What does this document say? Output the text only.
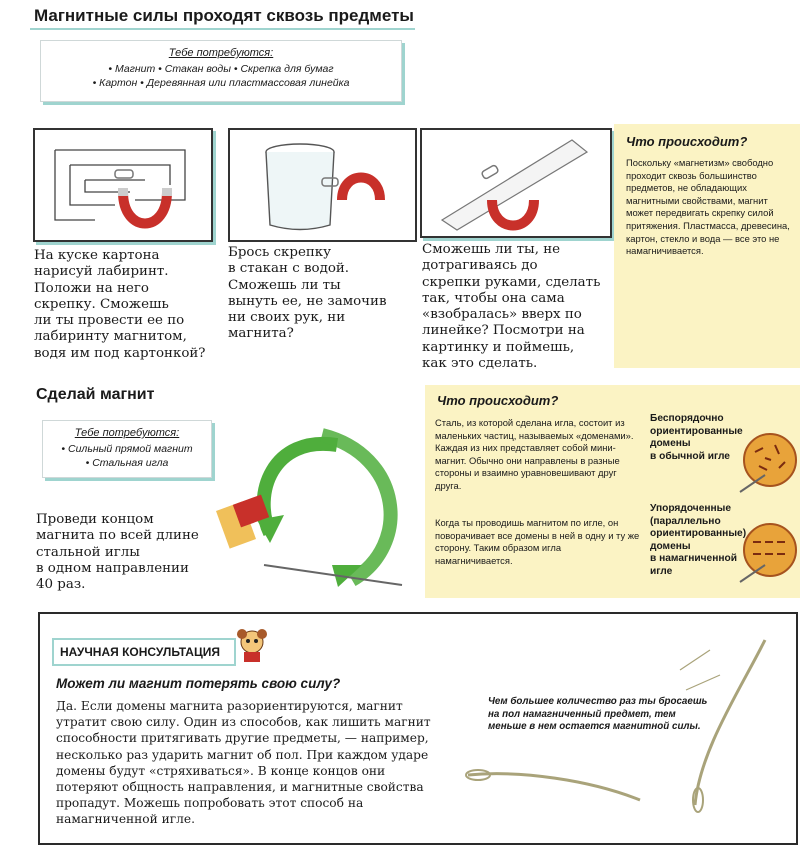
Магнитные силы проходят сквозь предметы
Тебе потребуются:
• Магнит • Стакан воды • Скрепка для бумаг
• Картон • Деревянная или пластмассовая линейка
Что происходит?

Поскольку «магнетизм» свободно проходит сквозь большинство предметов, не обладающих магнитными свойствами, магнит может передвигать скрепку силой притяжения. Пластмасса, древесина, картон, стекло и вода — все это не намагничивается.

На куске картона
нарисуй лабиринт.
Положи на него
скрепку. Сможешь
ли ты провести ее по
лабиринту магнитом,
водя им под картонкой?
Брось скрепку
в стакан с водой.
Сможешь ли ты
вынуть ее, не замочив
ни своих рук, ни
магнита?
Сможешь ли ты, не
дотрагиваясь до
скрепки руками, сделать
так, чтобы она сама
«взобралась» вверх по
линейке? Посмотри на
картинку и поймешь,
как это сделать.
Сделай магнит
Тебе потребуются:
• Сильный прямой магнит
• Стальная игла
Проведи концом
магнита по всей длине
стальной иглы
в одном направлении
40 раз.
Что происходит?

Сталь, из которой сделана игла, состоит из маленьких частиц, называемых «доменами». Каждая из них представляет собой мини-магнит. Обычно они направлены в разные стороны и взаимно уравновешивают друг друга.

Когда ты проводишь магнитом по игле, он поворачивает все домены в ней в одну и ту же сторону. Таким образом игла намагничивается.

Беспорядочно
ориентированные
домены
в обычной игле
Упорядоченные
(параллельно
ориентированные)
домены
в намагниченной
игле
НАУЧНАЯ КОНСУЛЬТАЦИЯ
Может ли магнит потерять свою силу?
Да. Если домены магнита разориентируются, магнит утратит свою силу. Один из способов, как лишить магнит способности притягивать другие предметы, — например, несколько раз ударить магнит об пол. При каждом ударе домены будут «стряхиваться». В конце концов они потеряют общность направления, и магнитные свойства пропадут. Можешь попробовать этот способ на намагниченной игле.
Чем большее количество раз ты бросаешь на пол намагниченный предмет, тем меньше в нем остается магнитной силы.
